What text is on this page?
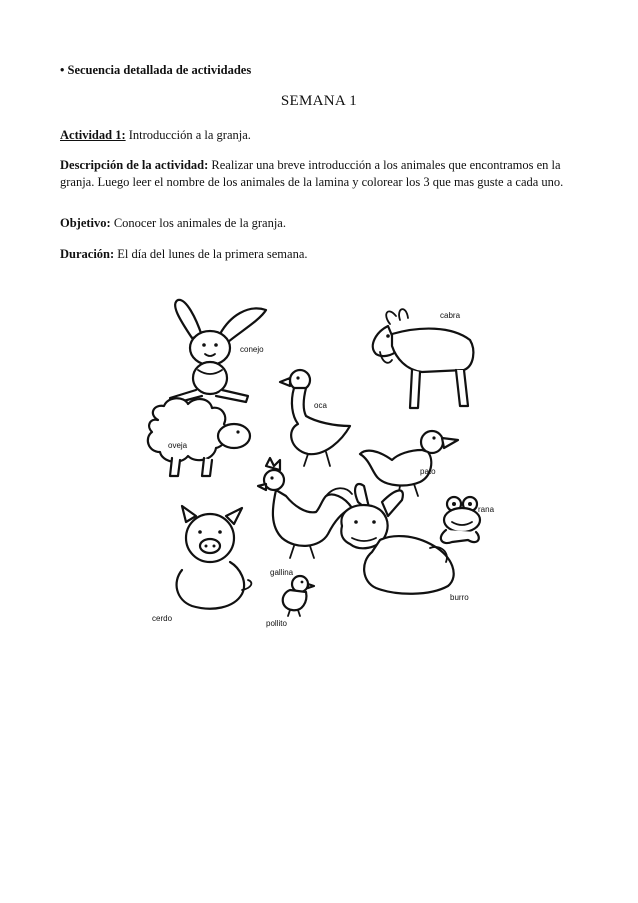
• Secuencia detallada de actividades
SEMANA 1
Actividad 1: Introducción a la granja.
Descripción de la actividad: Realizar una breve introducción a los animales que encontramos en la granja. Luego leer el nombre de los animales de la lamina y colorear los 3 que mas guste a cada uno.
Objetivo: Conocer los animales de la granja.
Duración: El día del lunes de la primera semana.
conejo
cabra
oca
oveja
pato
rana
cerdo
gallina
burro
pollito
